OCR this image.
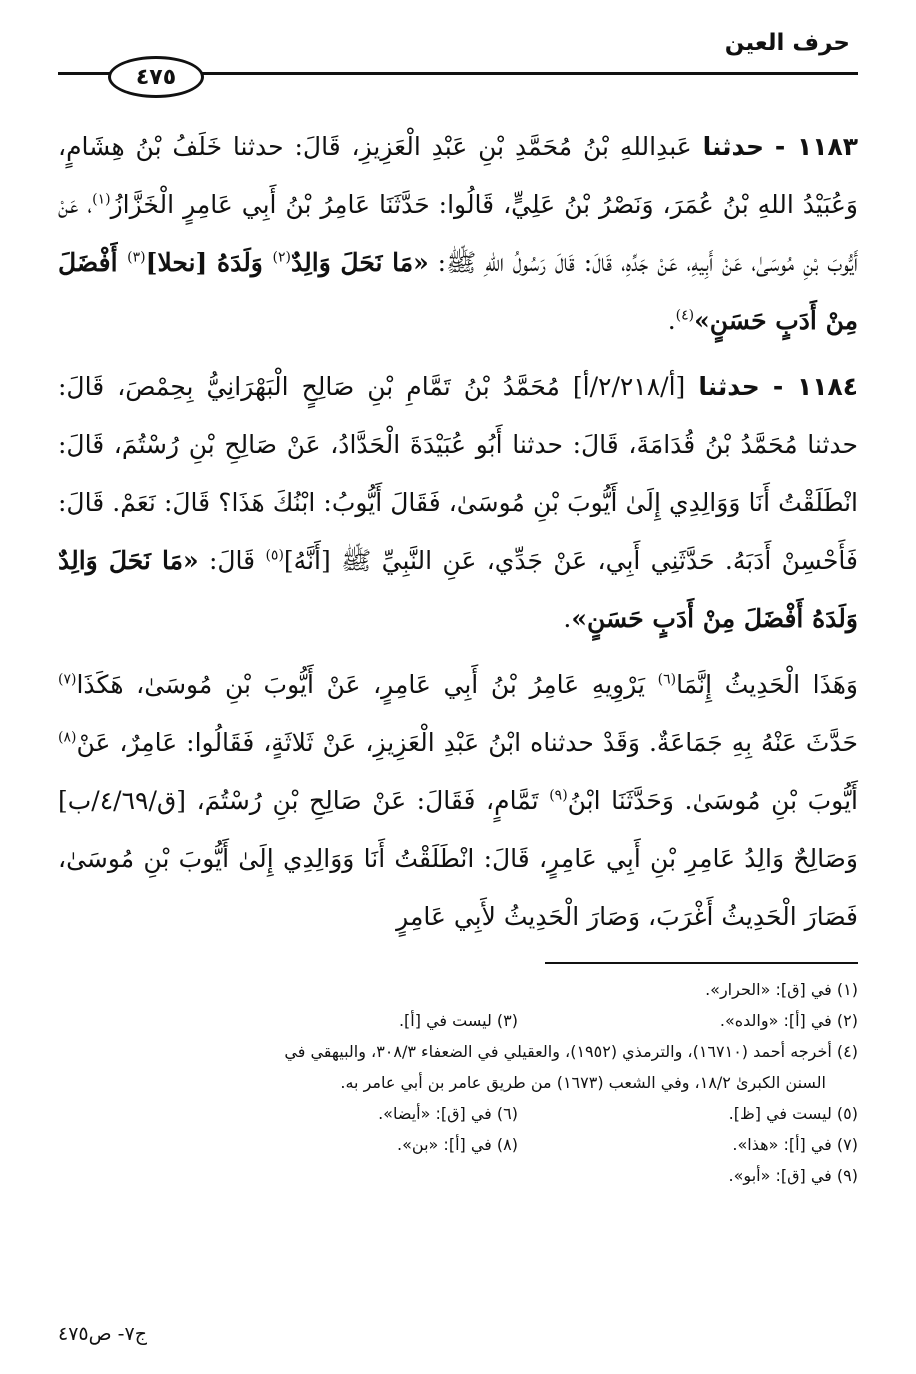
حرف العين
٤٧٥

١١٨٣ - حدثنا عَبدِاللهِ بْنُ مُحَمَّدِ بْنِ عَبْدِ الْعَزِيزِ، قَالَ: حدثنا خَلَفُ بْنُ هِشَامٍ، وَعُبَيْدُ اللهِ بْنُ عُمَرَ، وَنَصْرُ بْنُ عَلِيٍّ، قَالُوا: حَدَّثَنَا عَامِرُ بْنُ أَبِي عَامِرٍ الْخَزَّازُ$^{(١)}$، عَنْ أَيُّوبَ بْنِ مُوسَىٰ، عَنْ أَبِيهِ، عَنْ جَدِّهِ، قَالَ: قَالَ رَسُولُ اللهِ ﷺ: «مَا نَحَلَ وَالِدٌ$^{(٢)}$ وَلَدَهُ [نحلا]$^{(٣)}$ أَفْضَلَ مِنْ أَدَبٍ حَسَنٍ»$^{(٤)}$.

١١٨٤ - حدثنا [أ/٢/٢١٨/أ] مُحَمَّدُ بْنُ تَمَّامِ بْنِ صَالِحٍ الْبَهْرَانِيُّ بِحِمْصَ، قَالَ: حدثنا مُحَمَّدُ بْنُ قُدَامَةَ، قَالَ: حدثنا أَبُو عُبَيْدَةَ الْحَدَّادُ، عَنْ صَالِحِ بْنِ رُسْتُمَ، قَالَ: انْطَلَقْتُ أَنَا وَوَالِدِي إِلَىٰ أَيُّوبَ بْنِ مُوسَىٰ، فَقَالَ أَيُّوبُ: ابْنُكَ هَذَا؟ قَالَ: نَعَمْ. قَالَ: فَأَحْسِنْ أَدَبَهُ. حَدَّثَنِي أَبِي، عَنْ جَدِّي، عَنِ النَّبِيِّ ﷺ [أَنَّهُ]$^{(٥)}$ قَالَ: «مَا نَحَلَ وَالِدٌ وَلَدَهُ أَفْضَلَ مِنْ أَدَبٍ حَسَنٍ».

وَهَذَا الْحَدِيثُ إِنَّمَا$^{(٦)}$ يَرْوِيهِ عَامِرُ بْنُ أَبِي عَامِرٍ، عَنْ أَيُّوبَ بْنِ مُوسَىٰ، هَكَذَا$^{(٧)}$ حَدَّثَ عَنْهُ بِهِ جَمَاعَةٌ. وَقَدْ حدثناه ابْنُ عَبْدِ الْعَزِيزِ، عَنْ ثَلاثَةٍ، فَقَالُوا: عَامِرٌ، عَنْ$^{(٨)}$ أَيُّوبَ بْنِ مُوسَىٰ. وَحَدَّثَنَا ابْنُ$^{(٩)}$ تَمَّامٍ، فَقَالَ: عَنْ صَالِحِ بْنِ رُسْتُمَ، [ق/٤/٦٩/ب] وَصَالِحٌ وَالِدُ عَامِرِ بْنِ أَبِي عَامِرٍ، قَالَ: انْطَلَقْتُ أَنَا وَوَالِدِي إِلَىٰ أَيُّوبَ بْنِ مُوسَىٰ، فَصَارَ الْحَدِيثُ أَغْرَبَ، وَصَارَ الْحَدِيثُ لأَبِي عَامِرٍ

(١) في [ق]: «الحرار».
(٢) في [أ]: «والده».
(٣) ليست في [أ].
(٤) أخرجه أحمد (١٦٧١٠)، والترمذي (١٩٥٢)، والعقيلي في الضعفاء ٣٠٨/٣، والبيهقي في
السنن الكبرىٰ ١٨/٢، وفي الشعب (١٦٧٣) من طريق عامر بن أبي عامر به.
(٥) ليست في [ظ].
(٦) في [ق]: «أيضا».
(٧) في [أ]: «هذا».
(٨) في [أ]: «بن».
(٩) في [ق]: «أبو».
ج٧- ص٤٧٥
